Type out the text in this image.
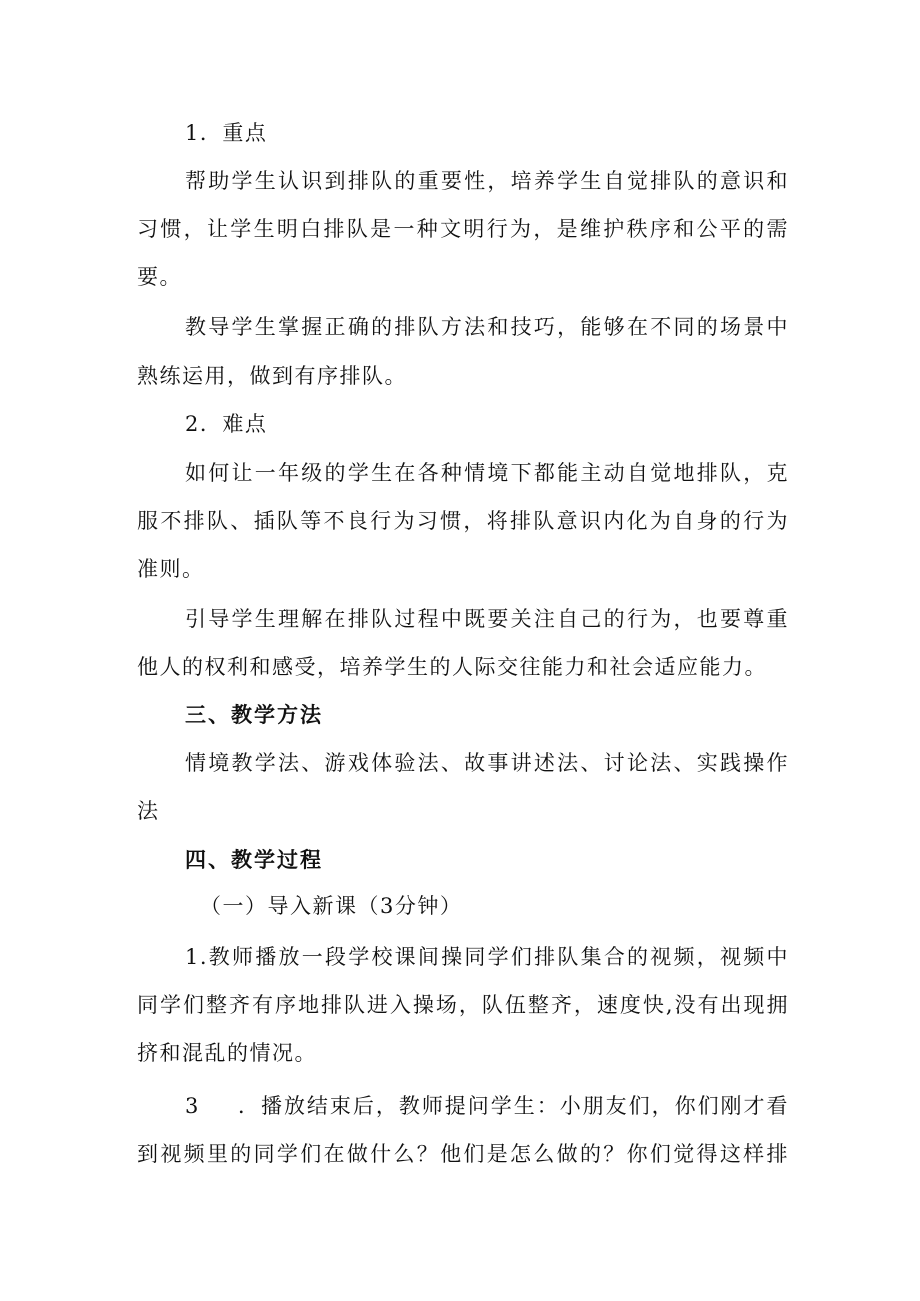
1．重点
帮助学生认识到排队的重要性，培养学生自觉排队的意识和
习惯，让学生明白排队是一种文明行为，是维护秩序和公平的需
要。
教导学生掌握正确的排队方法和技巧，能够在不同的场景中
熟练运用，做到有序排队。
2．难点
如何让一年级的学生在各种情境下都能主动自觉地排队，克
服不排队、插队等不良行为习惯，将排队意识内化为自身的行为
准则。
引导学生理解在排队过程中既要关注自己的行为，也要尊重
他人的权利和感受，培养学生的人际交往能力和社会适应能力。
三、教学方法
情境教学法、游戏体验法、故事讲述法、讨论法、实践操作
法
四、教学过程
（一）导入新课（3分钟）
1.教师播放一段学校课间操同学们排队集合的视频，视频中
同学们整齐有序地排队进入操场，队伍整齐，速度快,没有出现拥
挤和混乱的情况。
3	．播放结束后，教师提问学生：小朋友们，你们刚才看
到视频里的同学们在做什么？他们是怎么做的？你们觉得这样排
